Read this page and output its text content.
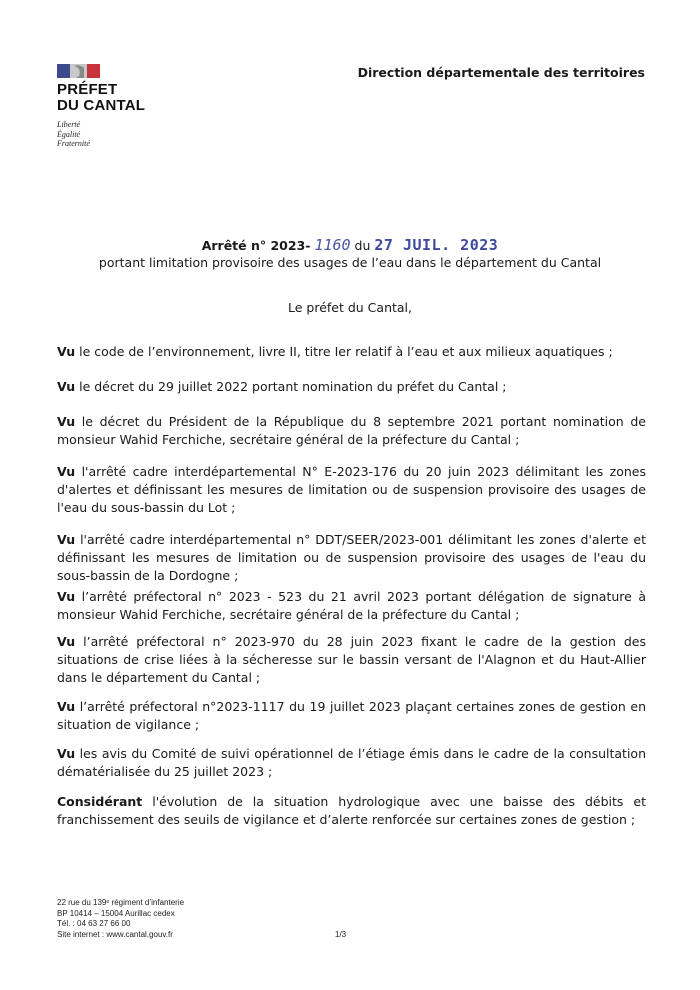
PRÉFET
DU CANTAL
Liberté
Égalité
Fraternité
Direction départementale des territoires
Arrêté n° 2023- 1160 du 27 JUIL. 2023
portant limitation provisoire des usages de l’eau dans le département du Cantal
Le préfet du Cantal,

Vu le code de l’environnement, livre II, titre Ier relatif à l’eau et aux milieux aquatiques ;

Vu le décret du 29 juillet 2022 portant nomination du préfet du Cantal ;

Vu le décret du Président de la République du 8 septembre 2021 portant nomination de monsieur Wahid Ferchiche, secrétaire général de la préfecture du Cantal ;

Vu l'arrêté cadre interdépartemental N° E-2023-176 du 20 juin 2023 délimitant les zones d'alertes et définissant les mesures de limitation ou de suspension provisoire des usages de l'eau du sous-bassin du Lot ;

Vu l'arrêté cadre interdépartemental n° DDT/SEER/2023-001 délimitant les zones d'alerte et définissant les mesures de limitation ou de suspension provisoire des usages de l'eau du sous-bassin de la Dordogne ;

Vu l’arrêté préfectoral n° 2023 - 523 du 21 avril 2023 portant délégation de signature à monsieur Wahid Ferchiche, secrétaire général de la préfecture du Cantal ;

Vu l’arrêté préfectoral n° 2023-970 du 28 juin 2023 fixant le cadre de la gestion des situations de crise liées à la sécheresse sur le bassin versant de l'Alagnon et du Haut-Allier dans le département du Cantal ;

Vu l’arrêté préfectoral n°2023-1117 du 19 juillet 2023 plaçant certaines zones de gestion en situation de vigilance ;

Vu les avis du Comité de suivi opérationnel de l’étiage émis dans le cadre de la consultation dématérialisée du 25 juillet 2023 ;

Considérant l'évolution de la situation hydrologique avec une baisse des débits et franchissement des seuils de vigilance et d’alerte renforcée sur certaines zones de gestion ;

22 rue du 139ᵉ régiment d’infanterie
BP 10414 – 15004 Aurillac cedex
Tél. : 04 63 27 66 00
Site internet : www.cantal.gouv.fr	1/3
